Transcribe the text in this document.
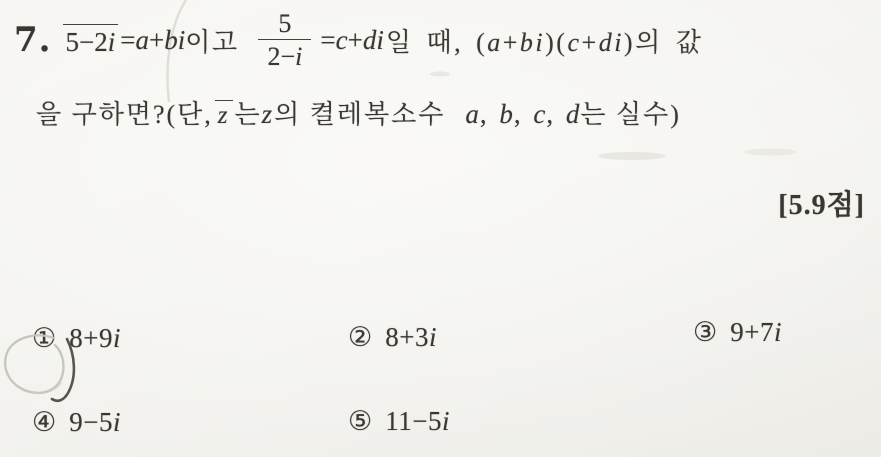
7. 5−2i =a+bi 이고 $\frac{5}{2-i} =c+di$ 일 때, (a+bi)(c+di)의 값
을 구하면?(단, z 는 z 의 켤레복소수 a, b, c, d 는 실수)
[5.9점]
① 8+9i	② 8+3i	③ 9+7i
④ 9−5i	⑤ 11−5i
